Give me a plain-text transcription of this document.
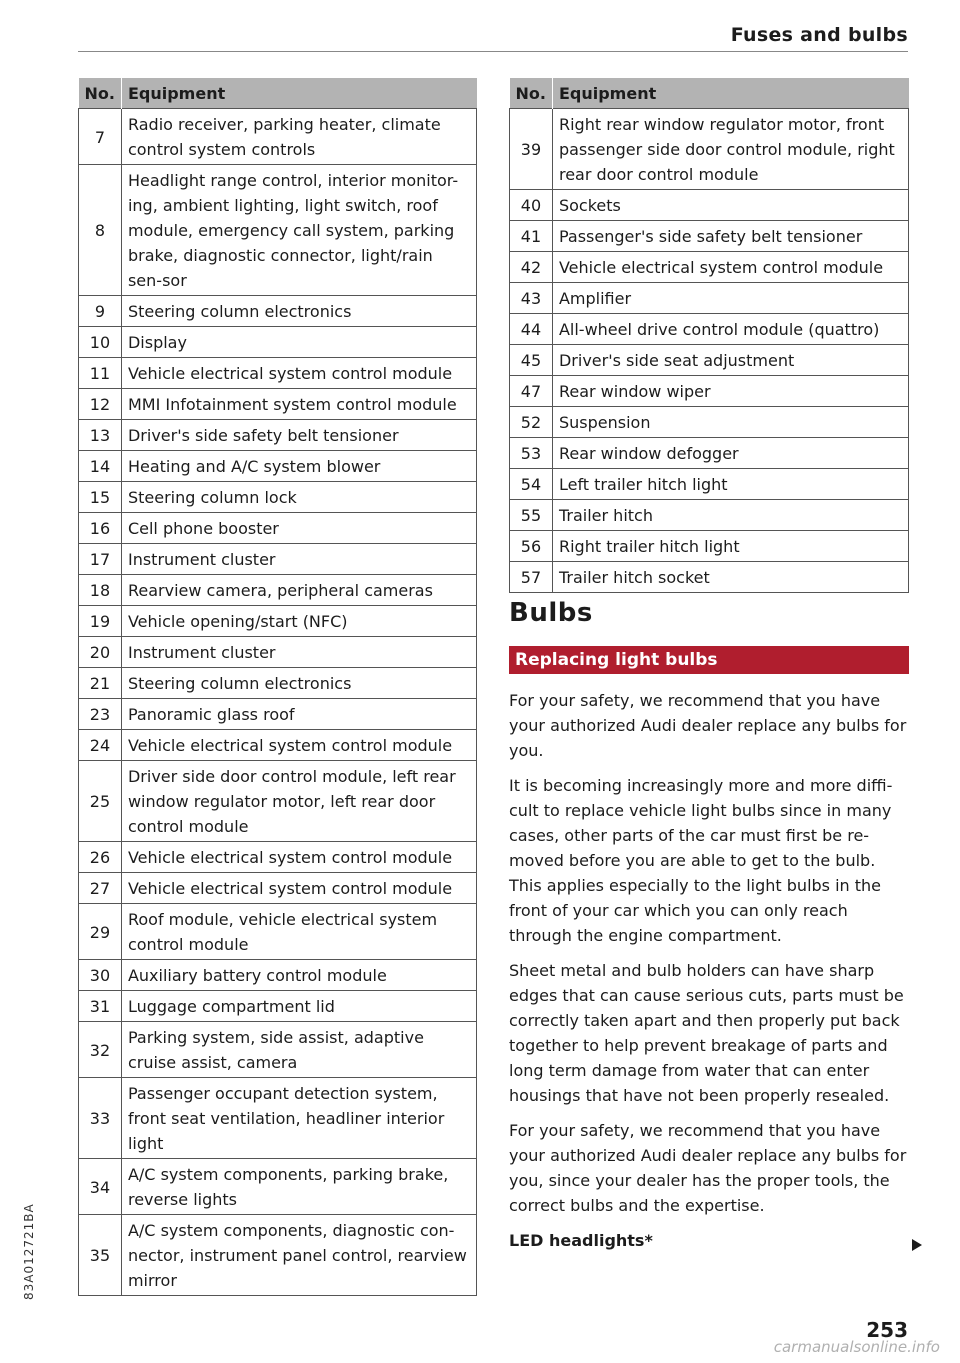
Fuses and bulbs
No.	Equipment
7	Radio receiver, parking heater, climate control system controls
8	Headlight range control, interior monitor-ing, ambient lighting, light switch, roof module, emergency call system, parking brake, diagnostic connector, light/rain sen-sor
9	Steering column electronics
10	Display
11	Vehicle electrical system control module
12	MMI Infotainment system control module
13	Driver's side safety belt tensioner
14	Heating and A/C system blower
15	Steering column lock
16	Cell phone booster
17	Instrument cluster
18	Rearview camera, peripheral cameras
19	Vehicle opening/start (NFC)
20	Instrument cluster
21	Steering column electronics
23	Panoramic glass roof
24	Vehicle electrical system control module
25	Driver side door control module, left rear window regulator motor, left rear door control module
26	Vehicle electrical system control module
27	Vehicle electrical system control module
29	Roof module, vehicle electrical system control module
30	Auxiliary battery control module
31	Luggage compartment lid
32	Parking system, side assist, adaptive cruise assist, camera
33	Passenger occupant detection system, front seat ventilation, headliner interior light
34	A/C system components, parking brake, reverse lights
35	A/C system components, diagnostic con-nector, instrument panel control, rearview mirror
No.	Equipment
39	Right rear window regulator motor, front passenger side door control module, right rear door control module
40	Sockets
41	Passenger's side safety belt tensioner
42	Vehicle electrical system control module
43	Amplifier
44	All-wheel drive control module (quattro)
45	Driver's side seat adjustment
47	Rear window wiper
52	Suspension
53	Rear window defogger
54	Left trailer hitch light
55	Trailer hitch
56	Right trailer hitch light
57	Trailer hitch socket
Bulbs
Replacing light bulbs

For your safety, we recommend that you have your authorized Audi dealer replace any bulbs for you.

It is becoming increasingly more and more diffi-cult to replace vehicle light bulbs since in many cases, other parts of the car must first be re-moved before you are able to get to the bulb. This applies especially to the light bulbs in the front of your car which you can only reach through the engine compartment.

Sheet metal and bulb holders can have sharp edges that can cause serious cuts, parts must be correctly taken apart and then properly put back together to help prevent breakage of parts and long term damage from water that can enter housings that have not been properly resealed.

For your safety, we recommend that you have your authorized Audi dealer replace any bulbs for you, since your dealer has the proper tools, the correct bulbs and the expertise.

LED headlights*
253
83A012721BA
carmanualsonline.info
